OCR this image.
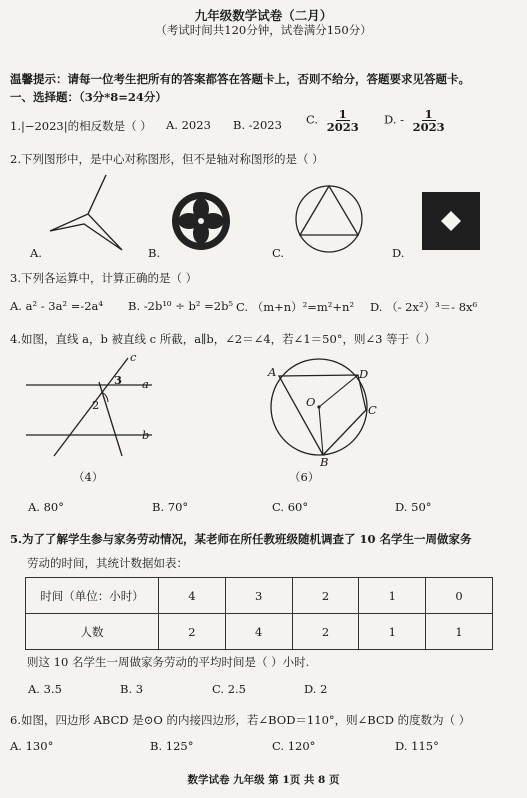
九年级数学试卷（二月）
（考试时间共120分钟，试卷满分150分）
温馨提示：请每一位考生把所有的答案都答在答题卡上，否则不给分，答题要求见答题卡。
一、选择题：（3分*8=24分）
1.|−2023|的相反数是（ ） A. 2023 B. -2023 C. $\frac{1}{2023} D$. - $\frac{1}{2023}$
2.下列图形中，是中心对称图形，但不是轴对称图形的是（ ）
A.	B.	C.	D.
3.下列各运算中，计算正确的是（ ）
A. a² - 3a² =-2a⁴ B. -2b¹⁰ ÷ b² =2b⁵ C. （m+n）²=m²+n² D. （- 2x²）³＝- 8x⁶
4.如图，直线 a，b 被直线 c 所截，a∥b，∠2＝∠4，若∠1＝50°，则∠3 等于（ ）
c
a
b
3
2
（4）
A	D
O
C
B
（6）
A. 80°	B. 70°	C. 60°	D. 50°
5.为了了解学生参与家务劳动情况，某老师在所任教班级随机调查了 10 名学生一周做家务
劳动的时间，其统计数据如表：
时间（单位：小时）	4	3	2	1	0
人数	2	4	2	1	1
则这 10 名学生一周做家务劳动的平均时间是（ ）小时.
A. 3.5	B. 3	C. 2.5	D. 2
6.如图，四边形 ABCD 是⊙O 的内接四边形，若∠BOD＝110°，则∠BCD 的度数为（ ）
A. 130°	B. 125°	C. 120°	D. 115°
数学试卷 九年级 第 1页 共 8 页
